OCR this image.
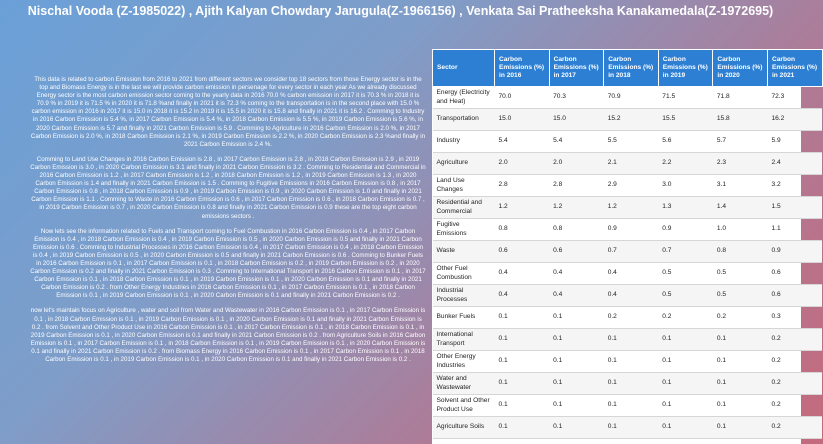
Nischal Vooda (Z-1985022) , Ajith Kalyan Chowdary Jarugula(Z-1966156) , Venkata Sai Pratheeksha Kanakamedala(Z-1972695)

This data is related to carbon Emission from 2016 to 2021 from different sectors we consider top 18 sectors from those Energy sector is in the top and Biomass Energy is in the last we will provide carbon emission in persenage for every sector in each year As we already discussed Energy sector is the most carbon emission sector coming to the yearly data in 2016 70.0 % carbon emission in 2017 it is 70.3 % in 2018 it is 70.9 % in 2019 it is 71.5 % in 2020 it is 71.8 %and finally in 2021 it is 72.3 % coming to the transportation is in the second place with 15.0 % carbon emission in 2016 in 2017 it is 15.0 in 2018 it is 15.2 in 2019 it is 15.5 in 2020 it is 15.8 and finally in 2021 it is 16.2 . Comming to Industry in 2016 Carbon Emission is 5.4 %, in 2017 Carbon Emission is 5.4 %, in 2018 Carbon Emission is 5.5 %, in 2019 Carbon Emission is 5.6 %, in 2020 Carbon Emission is 5.7 and finally in 2021 Carbon Emission is 5.9 . Comming to Agriculture in 2016 Carbon Emission is 2.0 %, in 2017 Carbon Emission is 2.0 %, in 2018 Carbon Emission is 2.1 %, in 2019 Carbon Emission is 2.2 %, in 2020 Carbon Emission is 2.3 %and finally in 2021 Carbon Emission is 2.4 %.

Comming to Land Use Changes in 2016 Carbon Emission is 2.8 , in 2017 Carbon Emission is 2.8 , in 2018 Carbon Emission is 2.9 , in 2019 Carbon Emission is 3.0 , in 2020 Carbon Emission is 3.1 and finally in 2021 Carbon Emission is 3.2 . Comming to Residential and Commercial in 2016 Carbon Emission is 1.2 , in 2017 Carbon Emission is 1.2 , in 2018 Carbon Emission is 1.2 , in 2019 Carbon Emission is 1.3 , in 2020 Carbon Emission is 1.4 and finally in 2021 Carbon Emission is 1.5 . Comming to Fugitive Emissions in 2016 Carbon Emission is 0.8 , in 2017 Carbon Emission is 0.8 , in 2018 Carbon Emission is 0.9 , in 2019 Carbon Emission is 0.9 , in 2020 Carbon Emission is 1.0 and finally in 2021 Carbon Emission is 1.1 . Comming to Waste in 2016 Carbon Emission is 0.6 , in 2017 Carbon Emission is 0.6 , in 2018 Carbon Emission is 0.7 , in 2019 Carbon Emission is 0.7 , in 2020 Carbon Emission is 0.8 and finally in 2021 Carbon Emission is 0.9 these are the top eight carbon emissions sectors .

Now lets see the information related to Fuels and Transport coming to Fuel Combustion in 2016 Carbon Emission is 0.4 , in 2017 Carbon Emission is 0.4 , in 2018 Carbon Emission is 0.4 , in 2019 Carbon Emission is 0.5 , in 2020 Carbon Emission is 0.5 and finally in 2021 Carbon Emission is 0.6 . Comming to Industrial Processes in 2016 Carbon Emission is 0.4 , in 2017 Carbon Emission is 0.4 , in 2018 Carbon Emission is 0.4 , in 2019 Carbon Emission is 0.5 , in 2020 Carbon Emission is 0.5 and finally in 2021 Carbon Emission is 0.6 . Comming to Bunker Fuels in 2016 Carbon Emission is 0.1 , in 2017 Carbon Emission is 0.1 , in 2018 Carbon Emission is 0.2 , in 2019 Carbon Emission is 0.2 , in 2020 Carbon Emission is 0.2 and finally in 2021 Carbon Emission is 0.3 . Comming to International Transport in 2016 Carbon Emission is 0.1 , in 2017 Carbon Emission is 0.1 , in 2018 Carbon Emission is 0.1 , in 2019 Carbon Emission is 0.1 , in 2020 Carbon Emission is 0.1 and finally in 2021 Carbon Emission is 0.2 . from Other Energy Industries in 2016 Carbon Emission is 0.1 , in 2017 Carbon Emission is 0.1 , in 2018 Carbon Emission is 0.1 , in 2019 Carbon Emission is 0.1 , in 2020 Carbon Emission is 0.1 and finally in 2021 Carbon Emission is 0.2 .

now let's maintain focus on Agriculture , water and soil from Water and Wastewater in 2016 Carbon Emission is 0.1 , in 2017 Carbon Emission is 0.1 , in 2018 Carbon Emission is 0.1 , in 2019 Carbon Emission is 0.1 , in 2020 Carbon Emission is 0.1 and finally in 2021 Carbon Emission is 0.2 . from Solvent and Other Product Use in 2016 Carbon Emission is 0.1 , in 2017 Carbon Emission is 0.1 , in 2018 Carbon Emission is 0.1 , in 2019 Carbon Emission is 0.1 , in 2020 Carbon Emission is 0.1 and finally in 2021 Carbon Emission is 0.2 . from Agriculture Soils in 2016 Carbon Emission is 0.1 , in 2017 Carbon Emission is 0.1 , in 2018 Carbon Emission is 0.1 , in 2019 Carbon Emission is 0.1 , in 2020 Carbon Emission is 0.1 and finally in 2021 Carbon Emission is 0.2 . from Biomass Energy in 2016 Carbon Emission is 0.1 , in 2017 Carbon Emission is 0.1 , in 2018 Carbon Emission is 0.1 , in 2019 Carbon Emission is 0.1 , in 2020 Carbon Emission is 0.1 and finally in 2021 Carbon Emission is 0.2 .

Sector	Carbon Emissions (%) in 2016	Carbon Emissions (%) in 2017	Carbon Emissions (%) in 2018	Carbon Emissions (%) in 2019	Carbon Emissions (%) in 2020	Carbon Emissions (%) in 2021
Energy (Electricity and Heat)	70.0	70.3	70.9	71.5	71.8	72.3
Transportation	15.0	15.0	15.2	15.5	15.8	16.2
Industry	5.4	5.4	5.5	5.6	5.7	5.9
Agriculture	2.0	2.0	2.1	2.2	2.3	2.4
Land Use Changes	2.8	2.8	2.9	3.0	3.1	3.2
Residential and Commercial	1.2	1.2	1.2	1.3	1.4	1.5
Fugitive Emissions	0.8	0.8	0.9	0.9	1.0	1.1
Waste	0.6	0.6	0.7	0.7	0.8	0.9
Other Fuel Combustion	0.4	0.4	0.4	0.5	0.5	0.6
Industrial Processes	0.4	0.4	0.4	0.5	0.5	0.6
Bunker Fuels	0.1	0.1	0.2	0.2	0.2	0.3
International Transport	0.1	0.1	0.1	0.1	0.1	0.2
Other Energy Industries	0.1	0.1	0.1	0.1	0.1	0.2
Water and Wastewater	0.1	0.1	0.1	0.1	0.1	0.2
Solvent and Other Product Use	0.1	0.1	0.1	0.1	0.1	0.2
Agriculture Soils	0.1	0.1	0.1	0.1	0.1	0.2
